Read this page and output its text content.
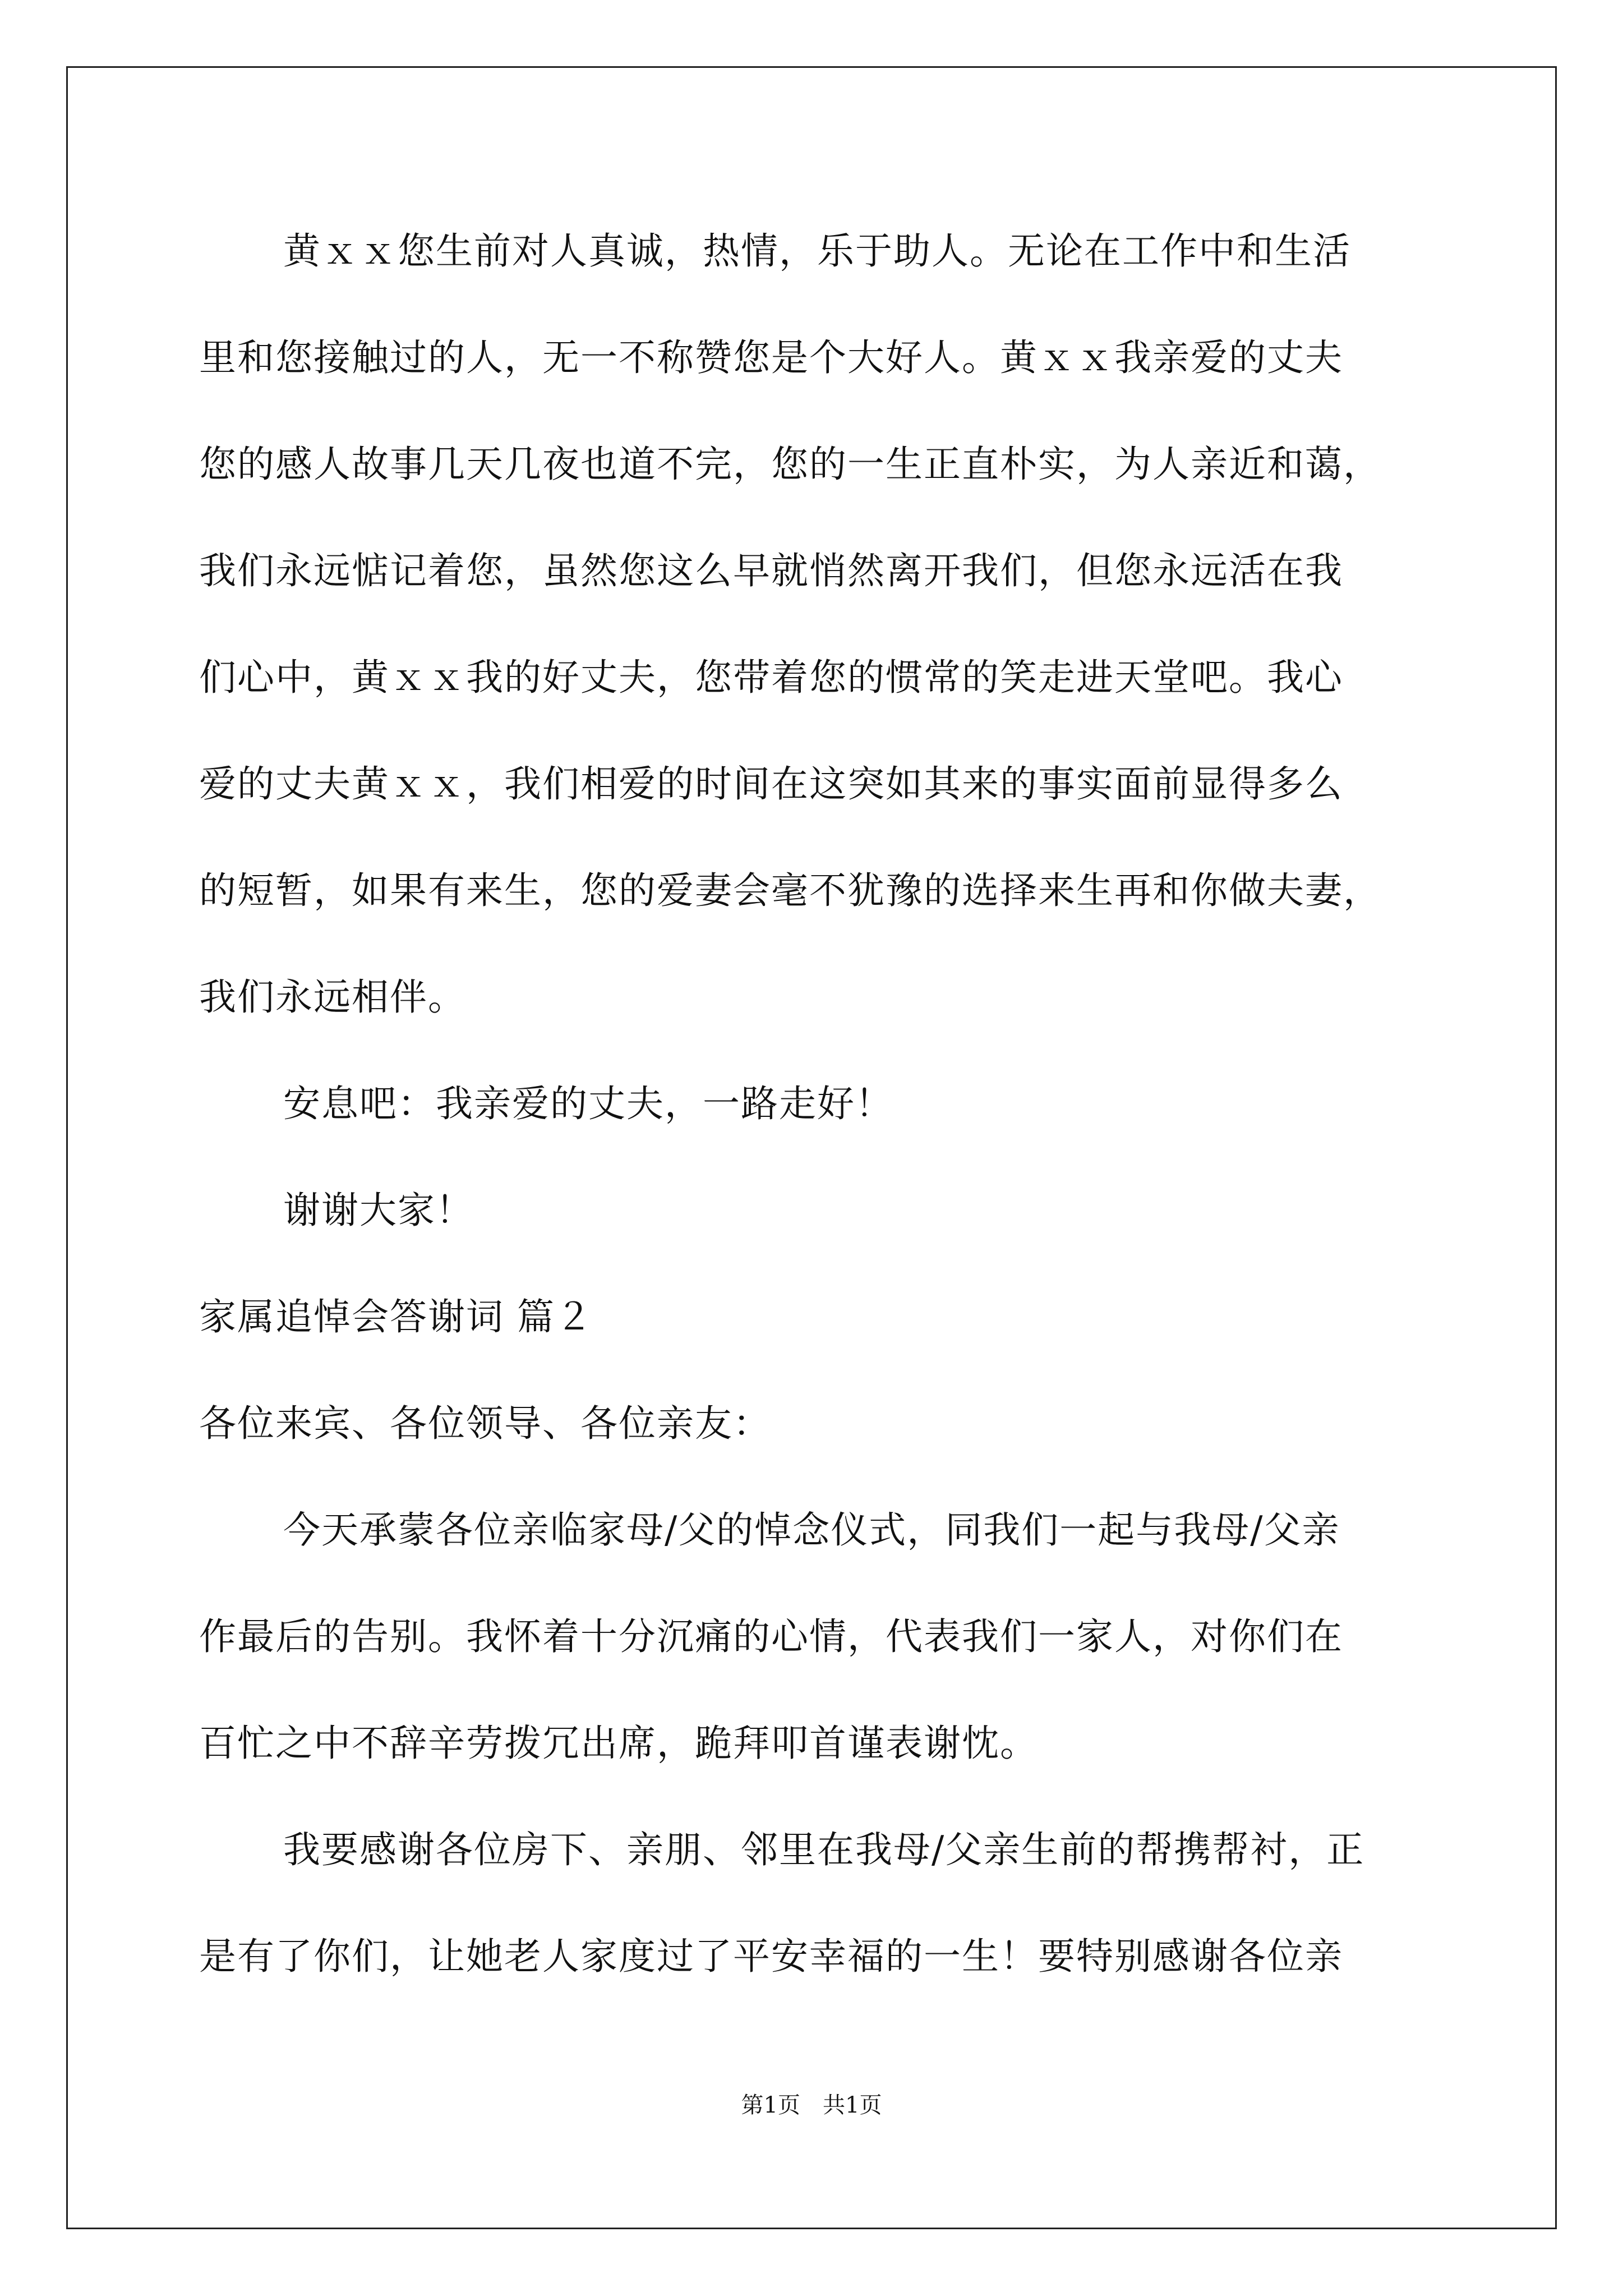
黄ｘｘ您生前对人真诚，热情，乐于助人。无论在工作中和生活
里和您接触过的人，无一不称赞您是个大好人。黄ｘｘ我亲爱的丈夫
您的感人故事几天几夜也道不完，您的一生正直朴实，为人亲近和蔼，
我们永远惦记着您，虽然您这么早就悄然离开我们，但您永远活在我
们心中，黄ｘｘ我的好丈夫，您带着您的惯常的笑走进天堂吧。我心
爱的丈夫黄ｘｘ，我们相爱的时间在这突如其来的事实面前显得多么
的短暂，如果有来生，您的爱妻会毫不犹豫的选择来生再和你做夫妻，
我们永远相伴。
安息吧：我亲爱的丈夫，一路走好！
谢谢大家！
家属追悼会答谢词 篇２
各位来宾、各位领导、各位亲友：
今天承蒙各位亲临家母/父的悼念仪式，同我们一起与我母/父亲
作最后的告别。我怀着十分沉痛的心情，代表我们一家人，对你们在
百忙之中不辞辛劳拨冗出席，跪拜叩首谨表谢忱。
我要感谢各位房下、亲朋、邻里在我母/父亲生前的帮携帮衬，正
是有了你们，让她老人家度过了平安幸福的一生！要特别感谢各位亲
第1页　共1页
